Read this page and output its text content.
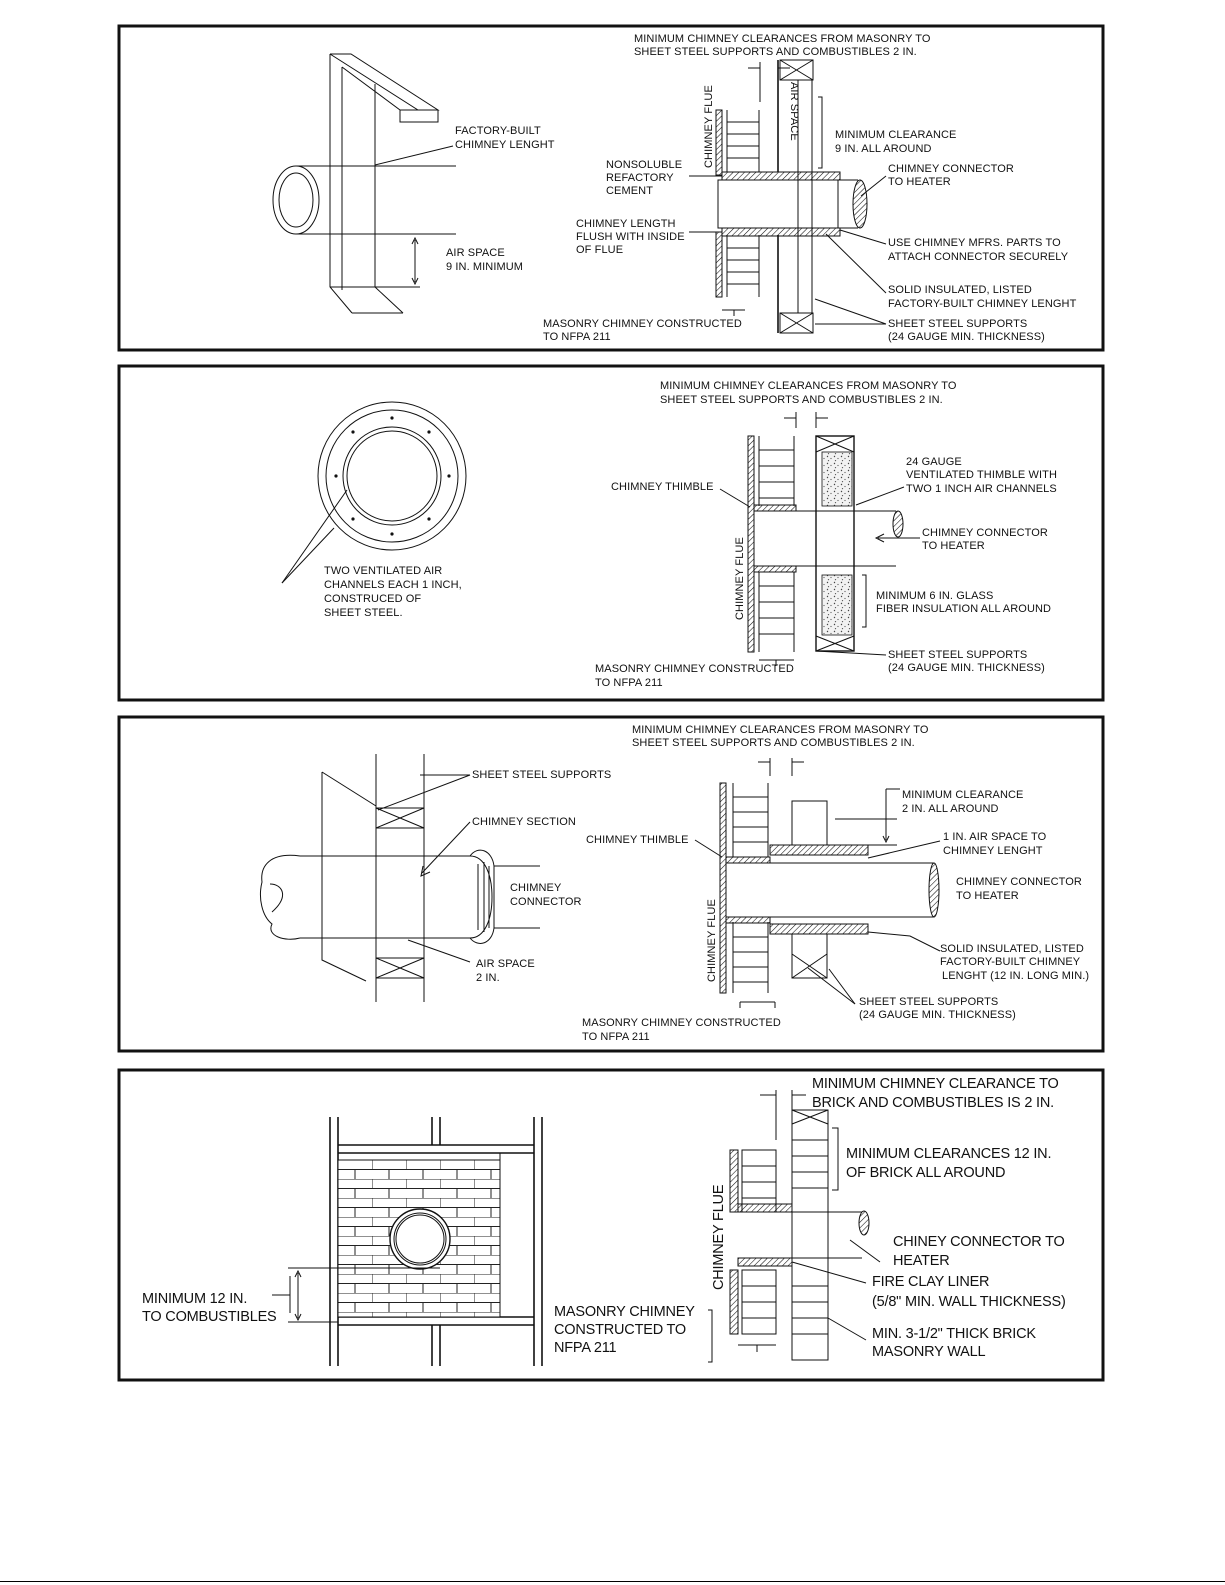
FACTORY-BUILT
CHIMNEY LENGHT
AIR SPACE
9 IN. MINIMUM
MINIMUM CHIMNEY CLEARANCES FROM MASONRY TO
SHEET STEEL SUPPORTS AND COMBUSTIBLES 2 IN.
CHIMNEY FLUE	AIR SPACE	MINIMUM CLEARANCE
9 IN. ALL AROUND
NONSOLUBLE
REFACTORY
CEMENT
CHIMNEY CONNECTOR
TO HEATER
CHIMNEY LENGTH
FLUSH WITH INSIDE
OF FLUE
USE CHIMNEY MFRS. PARTS TO
ATTACH CONNECTOR SECURELY
SOLID INSULATED, LISTED
FACTORY-BUILT CHIMNEY LENGHT
MASONRY CHIMNEY CONSTRUCTED
TO NFPA 211
SHEET STEEL SUPPORTS
(24 GAUGE MIN. THICKNESS)
TWO VENTILATED AIR
CHANNELS EACH 1 INCH,
CONSTRUCED OF
SHEET STEEL.
MINIMUM CHIMNEY CLEARANCES FROM MASONRY TO
SHEET STEEL SUPPORTS AND COMBUSTIBLES 2 IN.
CHIMNEY THIMBLE
24 GAUGE
VENTILATED THIMBLE WITH
TWO 1 INCH AIR CHANNELS
CHIMNEY CONNECTOR
TO HEATER
CHIMNEY FLUE	MINIMUM 6 IN. GLASS
FIBER INSULATION ALL AROUND
SHEET STEEL SUPPORTS
(24 GAUGE MIN. THICKNESS)
MASONRY CHIMNEY CONSTRUCTED
TO NFPA 211
SHEET STEEL SUPPORTS
CHIMNEY SECTION
CHIMNEY
CONNECTOR
AIR SPACE
2 IN.
MINIMUM CHIMNEY CLEARANCES FROM MASONRY TO
SHEET STEEL SUPPORTS AND COMBUSTIBLES 2 IN.
MINIMUM CLEARANCE
2 IN. ALL AROUND
CHIMNEY THIMBLE	1 IN. AIR SPACE TO
CHIMNEY LENGHT
CHIMNEY CONNECTOR
TO HEATER
CHIMNEY FLUE	SOLID INSULATED, LISTED
FACTORY-BUILT CHIMNEY
LENGHT (12 IN. LONG MIN.)
SHEET STEEL SUPPORTS
(24 GAUGE MIN. THICKNESS)
MASONRY CHIMNEY CONSTRUCTED
TO NFPA 211
MINIMUM 12 IN.
TO COMBUSTIBLES
MINIMUM CHIMNEY CLEARANCE TO
BRICK AND COMBUSTIBLES IS 2 IN.
MINIMUM CLEARANCES 12 IN.
OF BRICK ALL AROUND
CHIMNEY FLUE	CHINEY CONNECTOR TO
HEATER
FIRE CLAY LINER
(5/8" MIN. WALL THICKNESS)
MIN. 3-1/2" THICK BRICK
MASONRY WALL
MASONRY CHIMNEY
CONSTRUCTED TO
NFPA 211
